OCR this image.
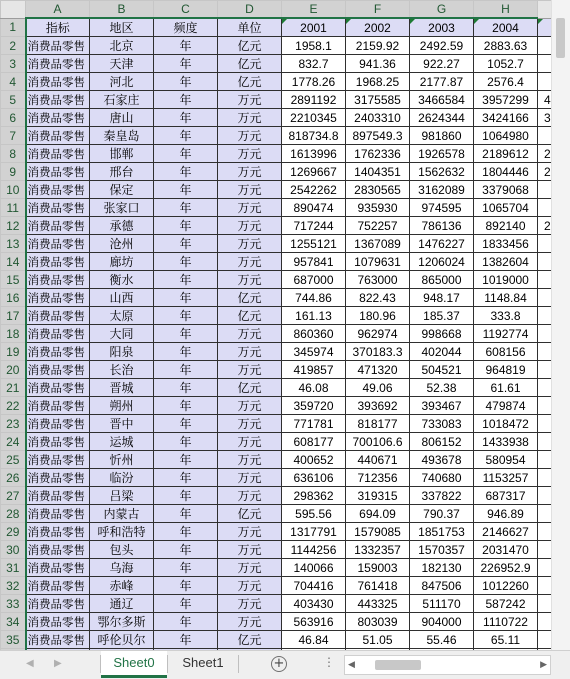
	A	B	C	D	E	F	G	H	
1	指标	地区	频度	单位	2001	2002	2003	2004	
2	消费品零售	北京	年	亿元	1958.1	2159.92	2492.59	2883.63	
3	消费品零售	天津	年	亿元	832.7	941.36	922.27	1052.7	
4	消费品零售	河北	年	亿元	1778.26	1968.25	2177.87	2576.4	
5	消费品零售	石家庄	年	万元	2891192	3175585	3466584	3957299	4
6	消费品零售	唐山	年	万元	2210345	2403310	2624344	3424166	3
7	消费品零售	秦皇岛	年	万元	818734.8	897549.3	981860	1064980	
8	消费品零售	邯郸	年	万元	1613996	1762336	1926578	2189612	2
9	消费品零售	邢台	年	万元	1269667	1404351	1562632	1804446	2
10	消费品零售	保定	年	万元	2542262	2830565	3162089	3379068	
11	消费品零售	张家口	年	万元	890474	935930	974595	1065704	
12	消费品零售	承德	年	万元	717244	752257	786136	892140	2
13	消费品零售	沧州	年	万元	1255121	1367089	1476227	1833456	
14	消费品零售	廊坊	年	万元	957841	1079631	1206024	1382604	
15	消费品零售	衡水	年	万元	687000	763000	865000	1019000	
16	消费品零售	山西	年	亿元	744.86	822.43	948.17	1148.84	
17	消费品零售	太原	年	亿元	161.13	180.96	185.37	333.8	
18	消费品零售	大同	年	万元	860360	962974	998668	1192774	
19	消费品零售	阳泉	年	万元	345974	370183.3	402044	608156	
20	消费品零售	长治	年	万元	419857	471320	504521	964819	
21	消费品零售	晋城	年	亿元	46.08	49.06	52.38	61.61	
22	消费品零售	朔州	年	万元	359720	393692	393467	479874	
23	消费品零售	晋中	年	万元	771781	818177	733083	1018472	
24	消费品零售	运城	年	万元	608177	700106.6	806152	1433938	
25	消费品零售	忻州	年	万元	400652	440671	493678	580954	
26	消费品零售	临汾	年	万元	636106	712356	740680	1153257	
27	消费品零售	吕梁	年	万元	298362	319315	337822	687317	
28	消费品零售	内蒙古	年	亿元	595.56	694.09	790.37	946.89	
29	消费品零售	呼和浩特	年	万元	1317791	1579085	1851753	2146627	
30	消费品零售	包头	年	万元	1144256	1332357	1570357	2031470	
31	消费品零售	乌海	年	万元	140066	159003	182130	226952.9	
32	消费品零售	赤峰	年	万元	704416	761418	847506	1012260	
33	消费品零售	通辽	年	万元	403430	443325	511170	587242	
34	消费品零售	鄂尔多斯	年	万元	563916	803039	904000	1110722	
35	消费品零售	呼伦贝尔	年	亿元	46.84	51.05	55.46	65.11	

◀ ▶	Sheet0	Sheet1	+	⋮ ◀	▶
